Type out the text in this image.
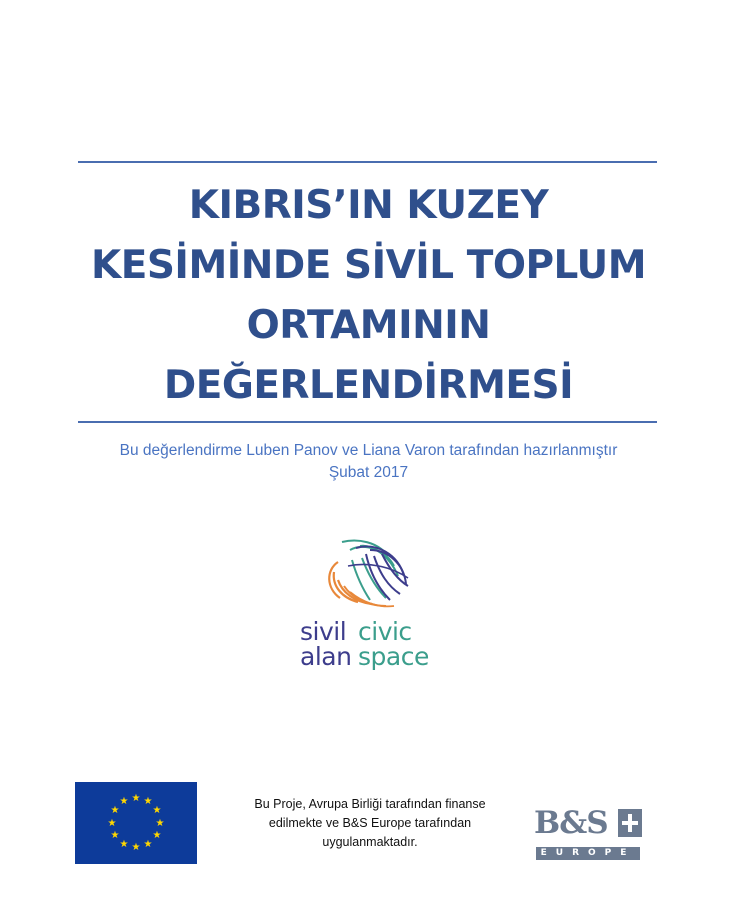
KIBRIS’IN KUZEY
KESİMİNDE SİVİL TOPLUM
ORTAMININ
DEĞERLENDİRMESİ
Bu değerlendirme Luben Panov ve Liana Varon tarafından hazırlanmıştır
Şubat 2017
sivil civic
alan space
★ ★
★
★
★
★
★
★
★
★
★
★	Bu Proje, Avrupa Birliği tarafından finanse
edilmekte ve B&S Europe tarafından
uygulanmaktadır.
B&S
EUROPE
